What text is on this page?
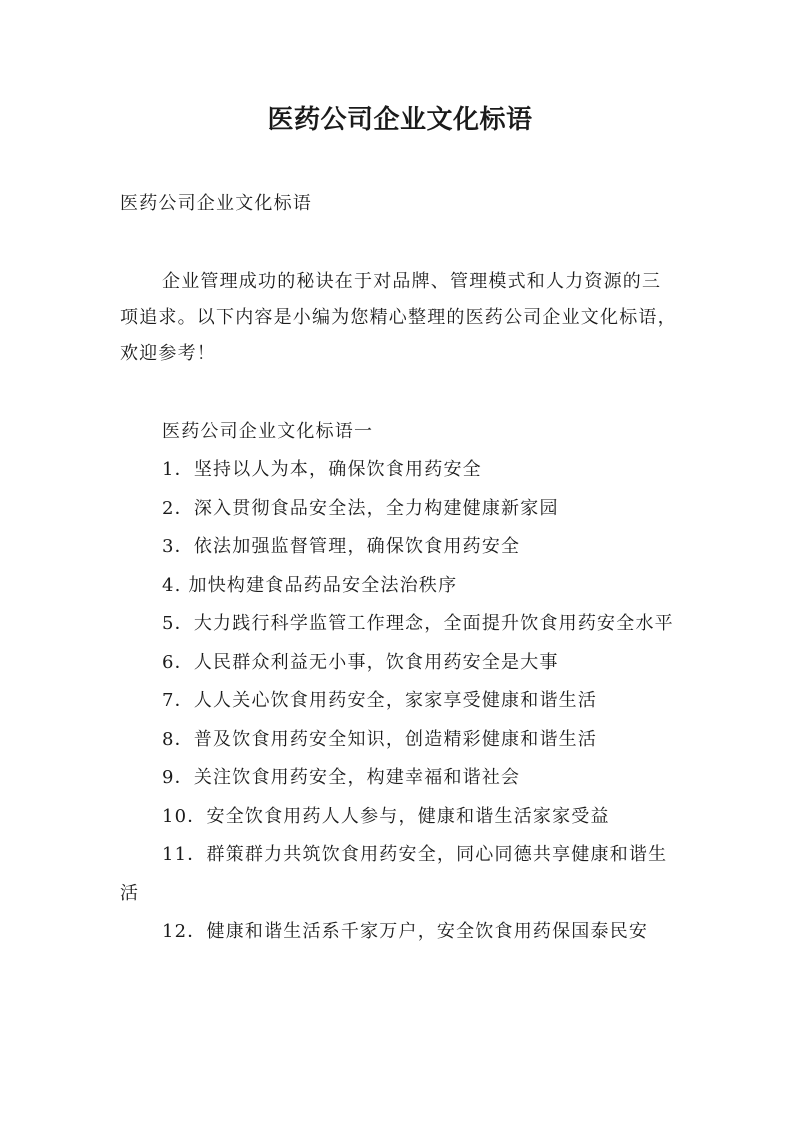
医药公司企业文化标语
医药公司企业文化标语
企业管理成功的秘诀在于对品牌、管理模式和人力资源的三项追求。以下内容是小编为您精心整理的医药公司企业文化标语，欢迎参考！
医药公司企业文化标语一
1．坚持以人为本，确保饮食用药安全
2．深入贯彻食品安全法，全力构建健康新家园
3．依法加强监督管理，确保饮食用药安全
4. 加快构建食品药品安全法治秩序
5．大力践行科学监管工作理念，全面提升饮食用药安全水平
6．人民群众利益无小事，饮食用药安全是大事
7．人人关心饮食用药安全，家家享受健康和谐生活
8．普及饮食用药安全知识，创造精彩健康和谐生活
9．关注饮食用药安全，构建幸福和谐社会
10．安全饮食用药人人参与，健康和谐生活家家受益
11．群策群力共筑饮食用药安全，同心同德共享健康和谐生活
12．健康和谐生活系千家万户，安全饮食用药保国泰民安
